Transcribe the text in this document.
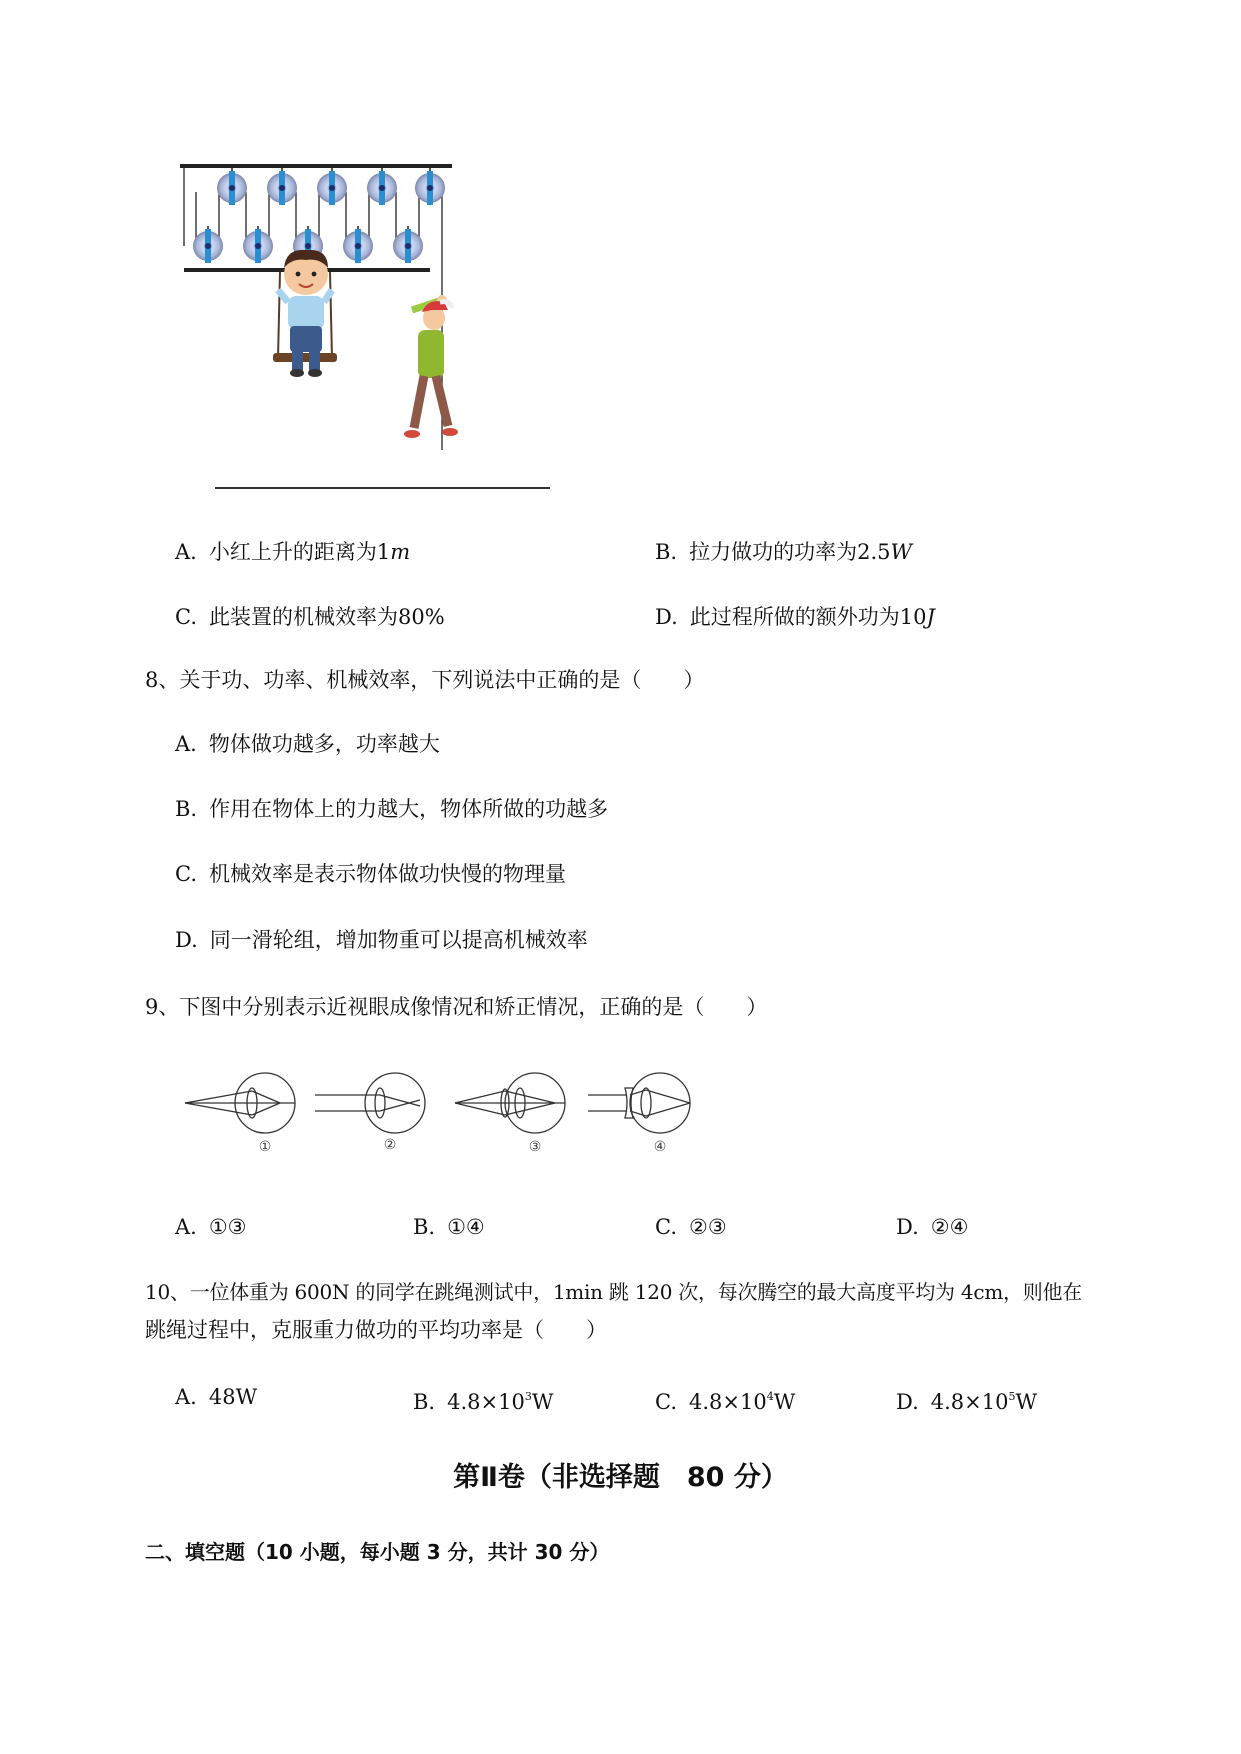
A. 小红上升的距离为1m	B. 拉力做功的功率为2.5W
C. 此装置的机械效率为80%	D. 此过程所做的额外功为10J
8、关于功、功率、机械效率，下列说法中正确的是（　　）
A. 物体做功越多，功率越大
B. 作用在物体上的力越大，物体所做的功越多
C. 机械效率是表示物体做功快慢的物理量
D. 同一滑轮组，增加物重可以提高机械效率
9、下图中分别表示近视眼成像情况和矫正情况，正确的是（　　）
①	②	③	④
A. ①③	B. ①④	C. ②③	D. ②④
10、一位体重为 600N 的同学在跳绳测试中，1min 跳 120 次，每次腾空的最大高度平均为 4cm，则他在
跳绳过程中，克服重力做功的平均功率是（　　）
A. 48W	B. $4.8\times 10^3W$	C. $4.8\times 10^4W$	D. $4.8\times 10^5W$
第Ⅱ卷（非选择题　80 分）
二、填空题（10 小题，每小题 3 分，共计 30 分）
